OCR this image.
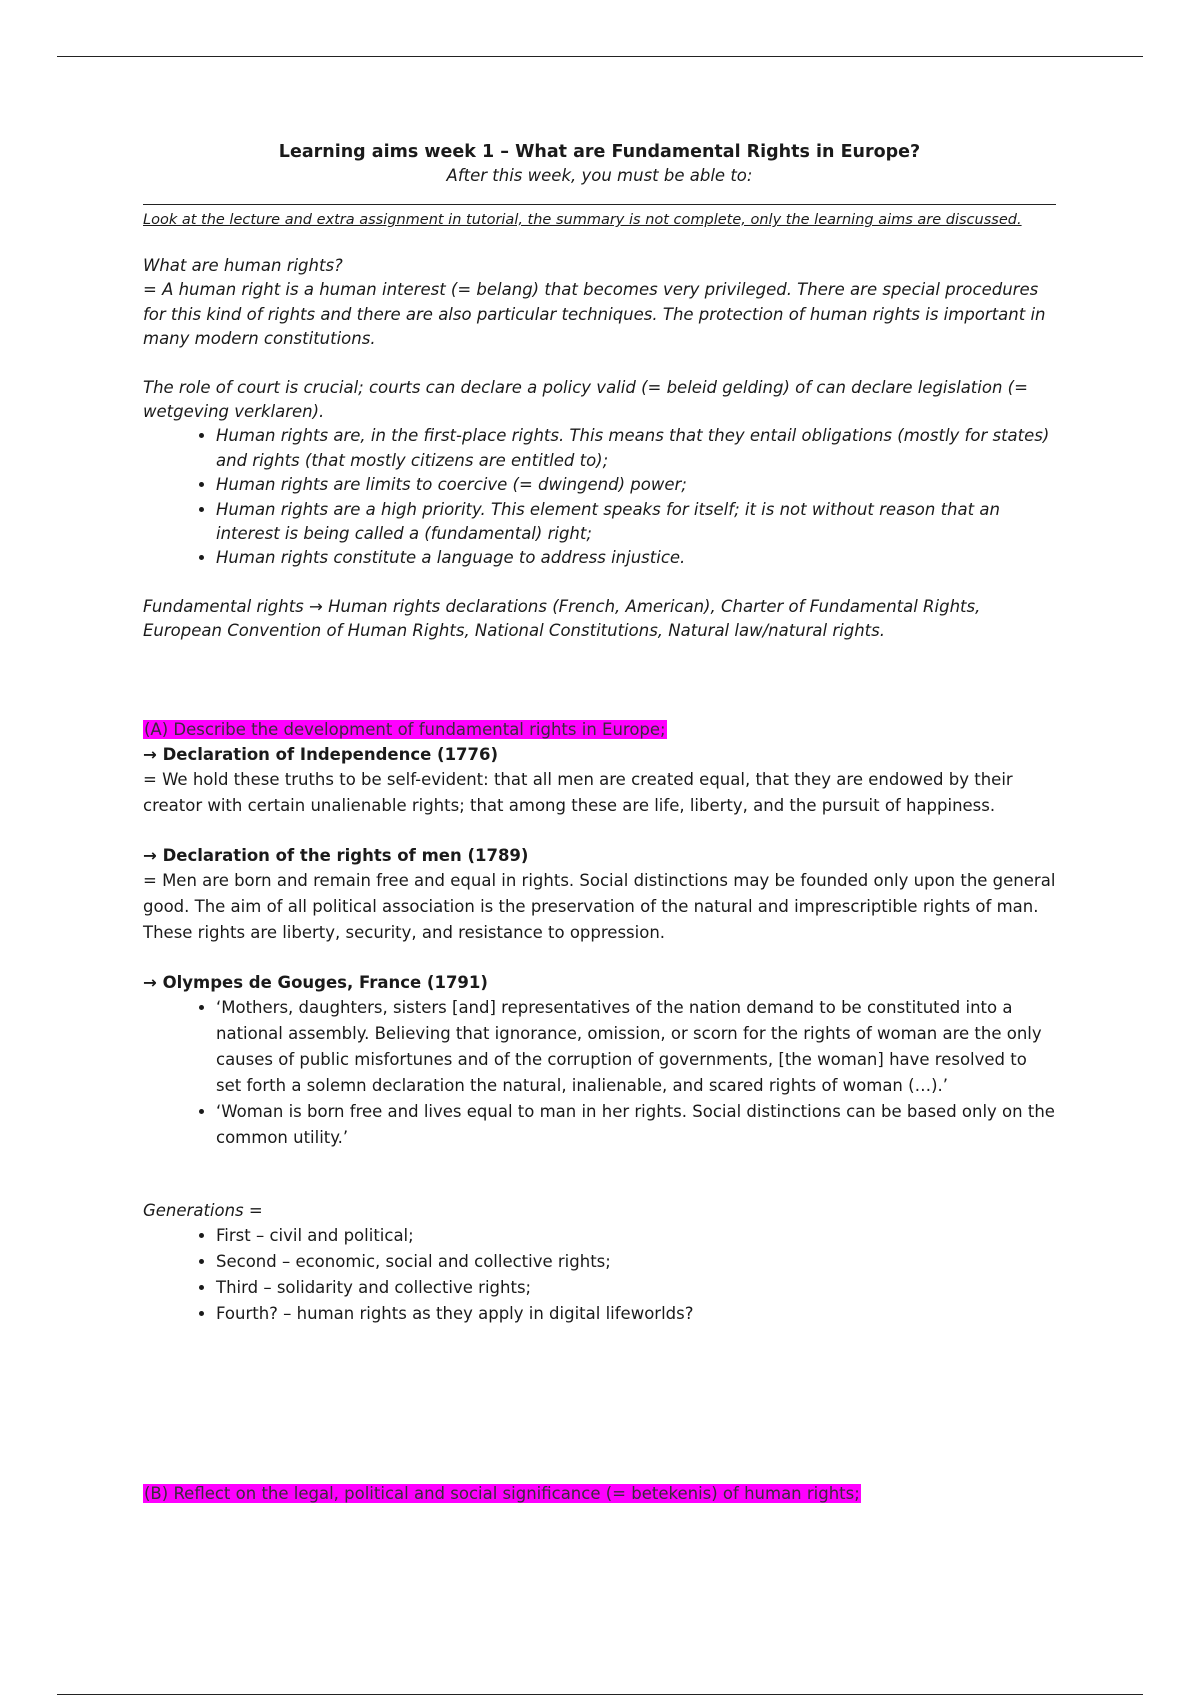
Learning aims week 1 – What are Fundamental Rights in Europe?
After this week, you must be able to:
Look at the lecture and extra assignment in tutorial, the summary is not complete, only the learning aims are discussed.

What are human rights?

= A human right is a human interest (= belang) that becomes very privileged. There are special procedures for this kind of rights and there are also particular techniques. The protection of human rights is important in many modern constitutions.

The role of court is crucial; courts can declare a policy valid (= beleid gelding) of can declare legislation (= wetgeving verklaren).

• Human rights are, in the first-place rights. This means that they entail obligations (mostly for states) and rights (that mostly citizens are entitled to);
• Human rights are limits to coercive (= dwingend) power;
• Human rights are a high priority. This element speaks for itself; it is not without reason that an interest is being called a (fundamental) right;
• Human rights constitute a language to address injustice.

Fundamental rights → Human rights declarations (French, American), Charter of Fundamental Rights, European Convention of Human Rights, National Constitutions, Natural law/natural rights.

(A) Describe the development of fundamental rights in Europe;

→ Declaration of Independence (1776)

= We hold these truths to be self-evident: that all men are created equal, that they are endowed by their creator with certain unalienable rights; that among these are life, liberty, and the pursuit of happiness.

→ Declaration of the rights of men (1789)

= Men are born and remain free and equal in rights. Social distinctions may be founded only upon the general good. The aim of all political association is the preservation of the natural and imprescriptible rights of man. These rights are liberty, security, and resistance to oppression.

→ Olympes de Gouges, France (1791)

• ‘Mothers, daughters, sisters [and] representatives of the nation demand to be constituted into a national assembly. Believing that ignorance, omission, or scorn for the rights of woman are the only causes of public misfortunes and of the corruption of governments, [the woman] have resolved to set forth a solemn declaration the natural, inalienable, and scared rights of woman (…).’
• ‘Woman is born free and lives equal to man in her rights. Social distinctions can be based only on the common utility.’

Generations =

• First – civil and political;
• Second – economic, social and collective rights;
• Third – solidarity and collective rights;
• Fourth? – human rights as they apply in digital lifeworlds?
(B) Reflect on the legal, political and social significance (= betekenis) of human rights;
